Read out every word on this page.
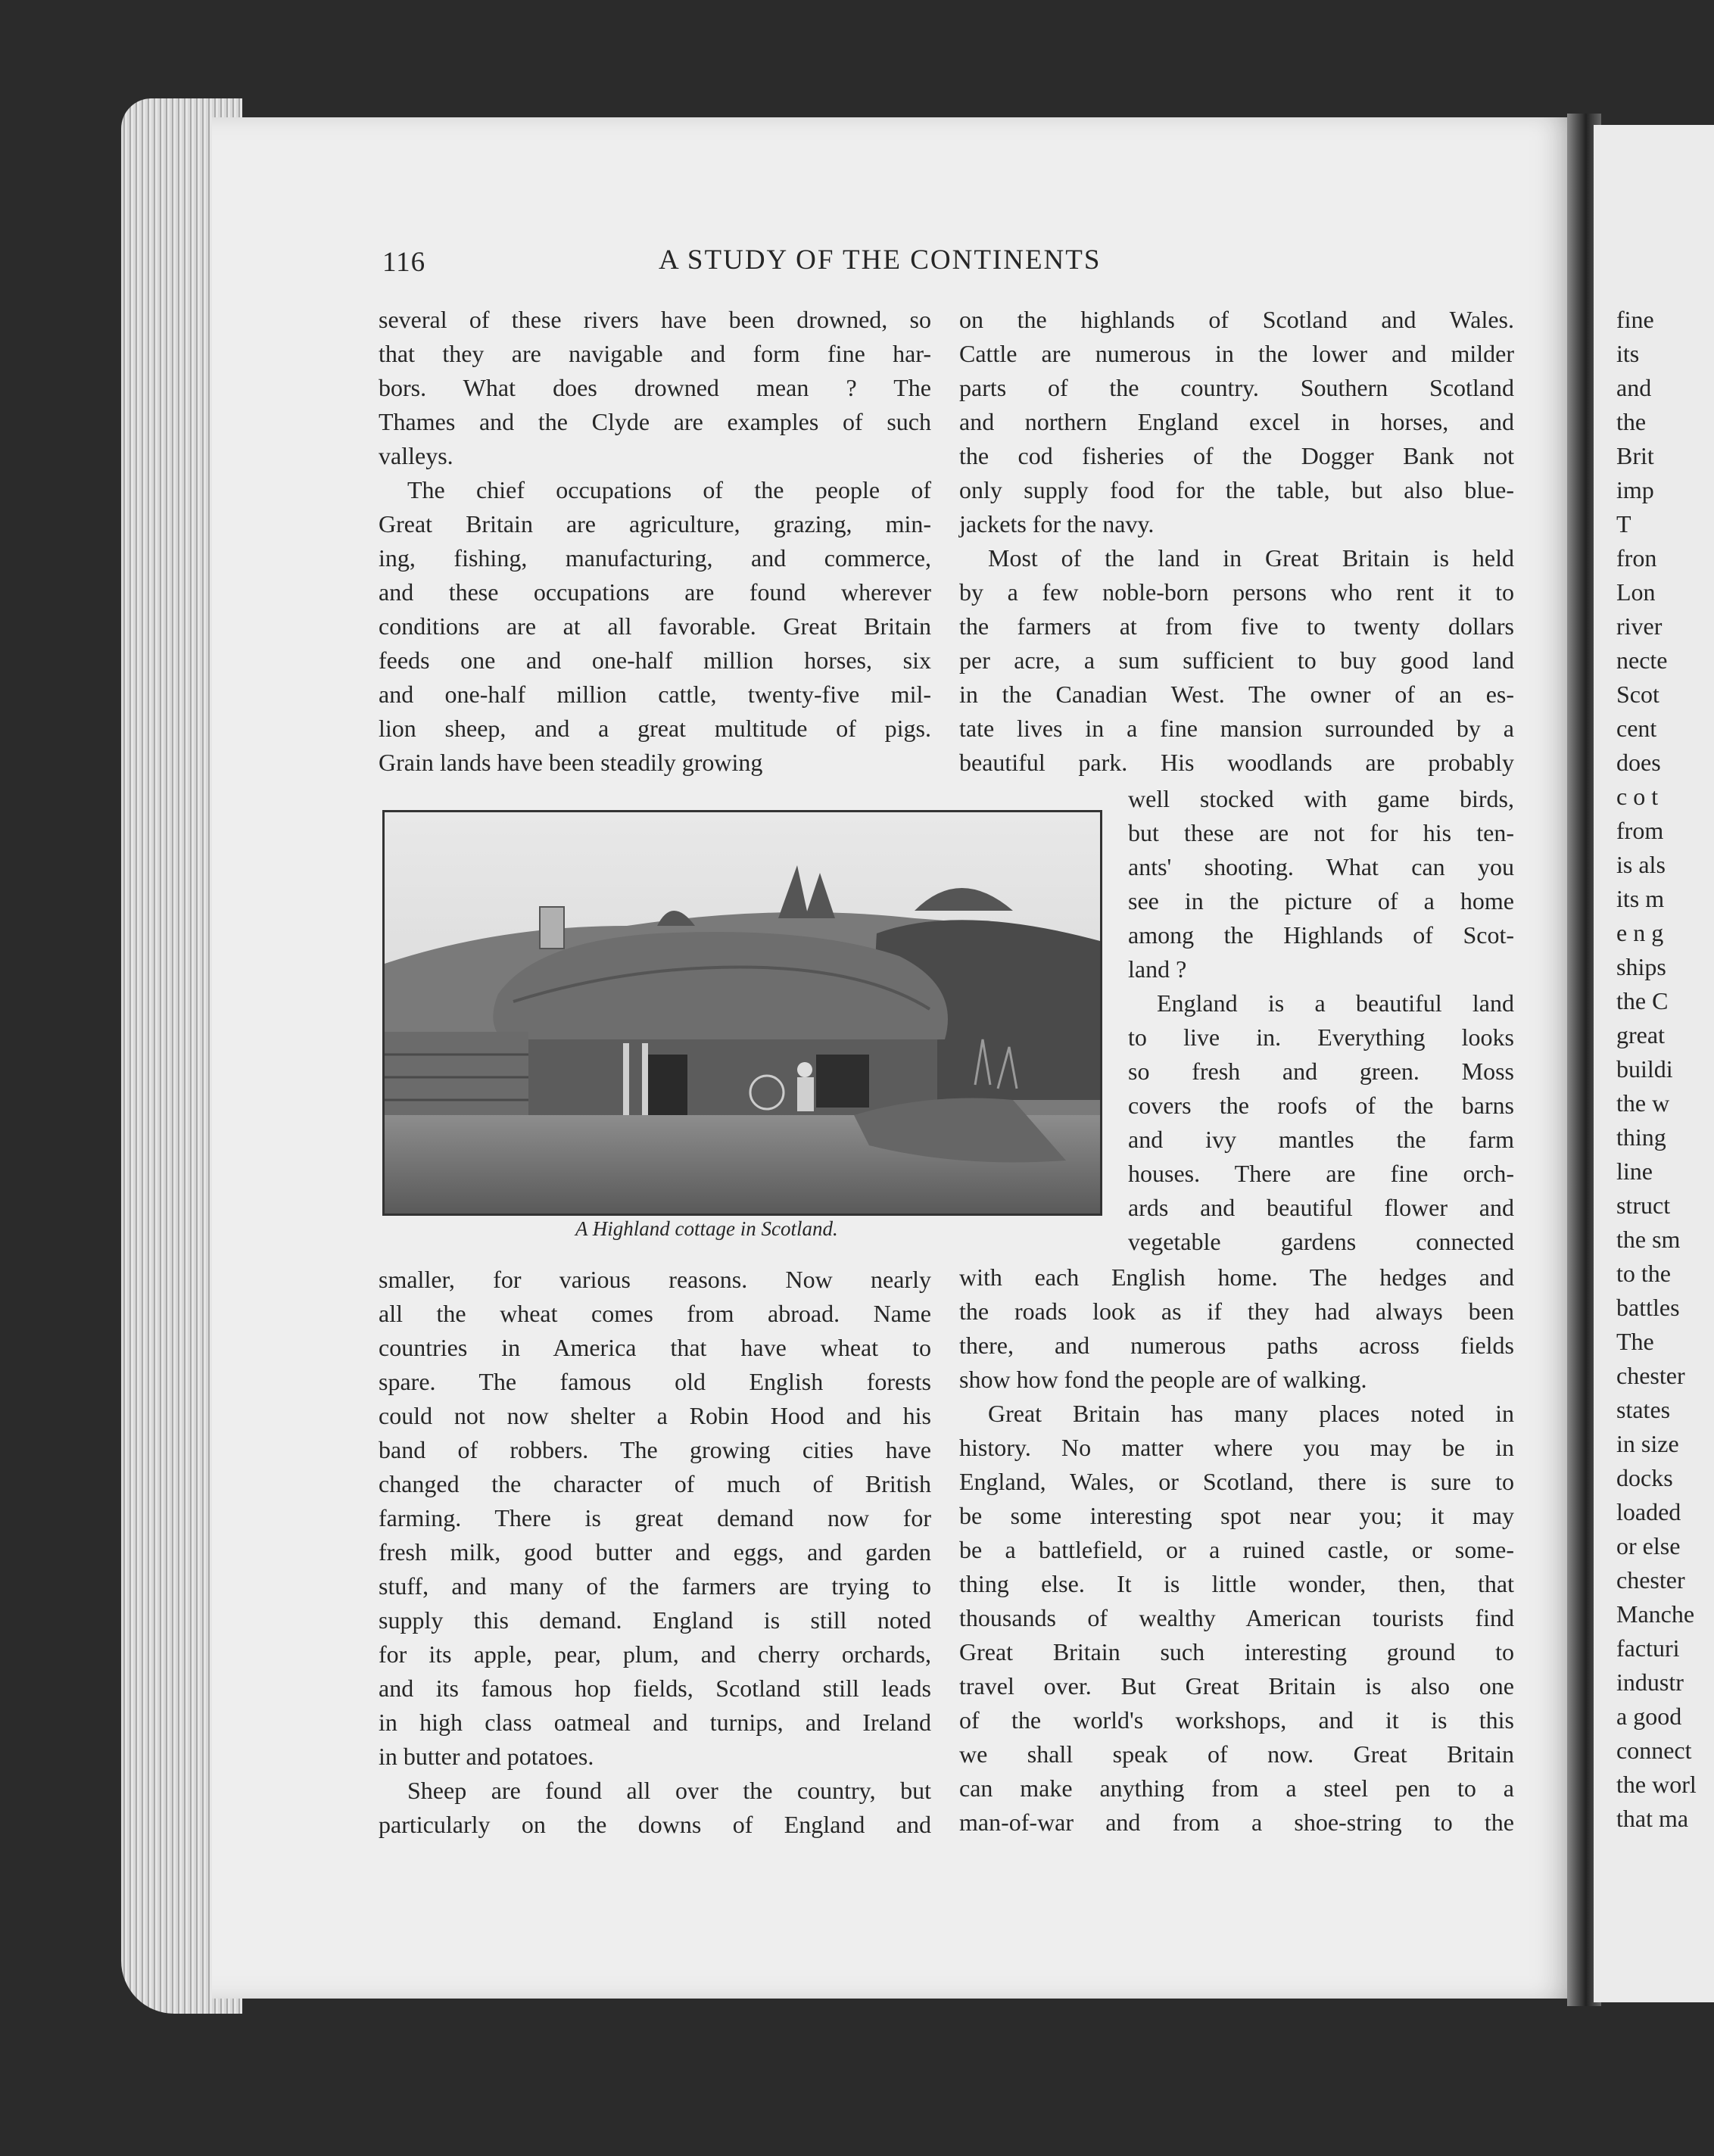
116	A STUDY OF THE CONTINENTS
several of these rivers have been drowned, so
that they are navigable and form fine har-
bors. What does drowned mean ? The
Thames and the Clyde are examples of such
valleys.
The chief occupations of the people of
Great Britain are agriculture, grazing, min-
ing, fishing, manufacturing, and commerce,
and these occupations are found wherever
conditions are at all favorable. Great Britain
feeds one and one-half million horses, six
and one-half million cattle, twenty-five mil-
lion sheep, and a great multitude of pigs.
Grain lands have been steadily growing
A Highland cottage in Scotland.
smaller, for various reasons. Now nearly
all the wheat comes from abroad. Name
countries in America that have wheat to
spare. The famous old English forests
could not now shelter a Robin Hood and his
band of robbers. The growing cities have
changed the character of much of British
farming. There is great demand now for
fresh milk, good butter and eggs, and garden
stuff, and many of the farmers are trying to
supply this demand. England is still noted
for its apple, pear, plum, and cherry orchards,
and its famous hop fields, Scotland still leads
in high class oatmeal and turnips, and Ireland
in butter and potatoes.
Sheep are found all over the country, but
particularly on the downs of England and
on the highlands of Scotland and Wales.
Cattle are numerous in the lower and milder
parts of the country. Southern Scotland
and northern England excel in horses, and
the cod fisheries of the Dogger Bank not
only supply food for the table, but also blue-
jackets for the navy.
Most of the land in Great Britain is held
by a few noble-born persons who rent it to
the farmers at from five to twenty dollars
per acre, a sum sufficient to buy good land
in the Canadian West. The owner of an es-
tate lives in a fine mansion surrounded by a
beautiful park. His woodlands are probably
well stocked with game birds,
but these are not for his ten-
ants' shooting. What can you
see in the picture of a home
among the Highlands of Scot-
land ?
England is a beautiful land
to live in. Everything looks
so fresh and green. Moss
covers the roofs of the barns
and ivy mantles the farm
houses. There are fine orch-
ards and beautiful flower and
vegetable gardens connected
with each English home. The hedges and
the roads look as if they had always been
there, and numerous paths across fields
show how fond the people are of walking.
Great Britain has many places noted in
history. No matter where you may be in
England, Wales, or Scotland, there is sure to
be some interesting spot near you; it may
be a battlefield, or a ruined castle, or some-
thing else. It is little wonder, then, that
thousands of wealthy American tourists find
Great Britain such interesting ground to
travel over. But Great Britain is also one
of the world's workshops, and it is this
we shall speak of now. Great Britain
can make anything from a steel pen to a
man-of-war and from a shoe-string to the
fine
its
and
the
Brit
imp
T
fron
Lon
river
necte
Scot
cent
does
c o t
from
is als
its m
e n g
ships
the C
great
buildi
the w
thing
line
struct
the sm
to the
battles
The
chester
states
in size
docks
loaded
or else
chester
Manche
facturi
industr
a good
connect
the worl
that ma
